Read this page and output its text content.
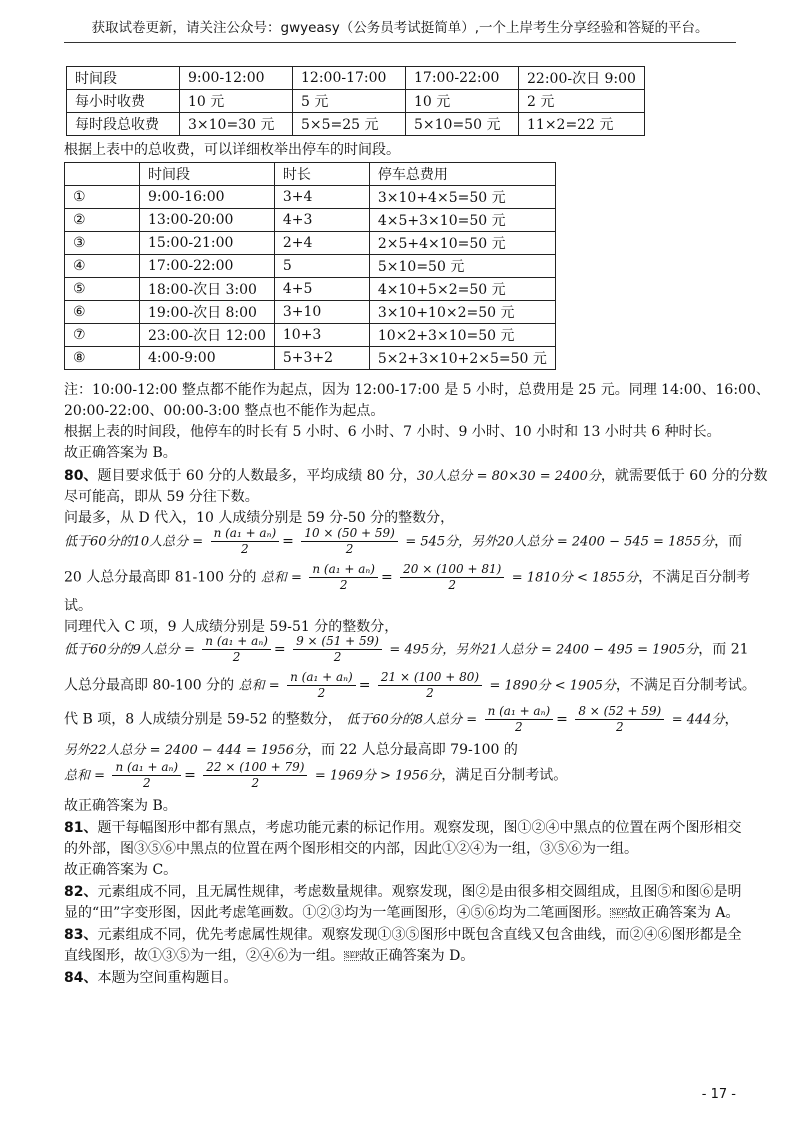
获取试卷更新，请关注公众号：gwyeasy（公务员考试挺简单）,一个上岸考生分享经验和答疑的平台。
时间段	9:00-12:00	12:00-17:00	17:00-22:00	22:00-次日 9:00
每小时收费	10 元	5 元	10 元	2 元
每时段总收费	3×10=30 元	5×5=25 元	5×10=50 元	11×2=22 元
根据上表中的总收费，可以详细枚举出停车的时间段。
	时间段	时长	停车总费用
①	9:00-16:00	3+4	3×10+4×5=50 元
②	13:00-20:00	4+3	4×5+3×10=50 元
③	15:00-21:00	2+4	2×5+4×10=50 元
④	17:00-22:00	5	5×10=50 元
⑤	18:00-次日 3:00	4+5	4×10+5×2=50 元
⑥	19:00-次日 8:00	3+10	3×10+10×2=50 元
⑦	23:00-次日 12:00	10+3	10×2+3×10=50 元
⑧	4:00-9:00	5+3+2	5×2+3×10+2×5=50 元
注：10:00-12:00 整点都不能作为起点，因为 12:00-17:00 是 5 小时，总费用是 25 元。同理 14:00、16:00、
20:00-22:00、00:00-3:00 整点也不能作为起点。
根据上表的时间段，他停车的时长有 5 小时、6 小时、7 小时、9 小时、10 小时和 13 小时共 6 种时长。
故正确答案为 B。
80、题目要求低于 60 分的人数最多，平均成绩 80 分，30人总分 = 80×30 = 2400分，就需要低于 60 分的分数
尽可能高，即从 59 分往下数。
问最多，从 D 代入，10 人成绩分别是 59 分-50 分的整数分，
低于60分的10人总分 = $\frac{\text{n (a₁ + aₙ)}}{2} = \frac{10 \times (50 + 59)}{2} = 545$分，另外20人总分 = 2400 − 545 = 1855分，而
20 人总分最高即 81-100 分的 总和 = $\frac{\text{n (a₁ + aₙ)}}{2} = \frac{20 \times (100 + 81)}{2} = 1810$分 < 1855分，不满足百分制考
试。
同理代入 C 项，9 人成绩分别是 59-51 分的整数分，
低于60分的9人总分 = $\frac{\text{n (a₁ + aₙ)}}{2} = \frac{9 \times (51 + 59)}{2} = 495$分，另外21人总分 = 2400 − 495 = 1905分，而 21
人总分最高即 80-100 分的 总和 = $\frac{\text{n (a₁ + aₙ)}}{2} = \frac{21 \times (100 + 80)}{2} = 1890$分 < 1905分，不满足百分制考试。
代 B 项，8 人成绩分别是 59-52 的整数分， 低于60分的8人总分 = $\frac{\text{n (a₁ + aₙ)}}{2} = \frac{8 \times (52 + 59)}{2} = 444$分，
另外22人总分 = 2400 − 444 = 1956分，而 22 人总分最高即 79-100 的
总和 = $\frac{\text{n (a₁ + aₙ)}}{2} = \frac{22 \times (100 + 79)}{2} = 1969$分 > 1956分，满足百分制考试。
故正确答案为 B。
81、题干每幅图形中都有黑点，考虑功能元素的标记作用。观察发现，图①②④中黑点的位置在两个图形相交
的外部，图③⑤⑥中黑点的位置在两个图形相交的内部，因此①②④为一组，③⑤⑥为一组。
故正确答案为 C。
82、元素组成不同，且无属性规律，考虑数量规律。观察发现，图②是由很多相交圆组成，且图⑤和图⑥是明
显的“田”字变形图，因此考虑笔画数。①②③均为一笔画图形，④⑤⑥均为二笔画图形。SEP故正确答案为 A。
83、元素组成不同，优先考虑属性规律。观察发现①③⑤图形中既包含直线又包含曲线，而②④⑥图形都是全
直线图形，故①③⑤为一组，②④⑥为一组。SEP故正确答案为 D。
84、本题为空间重构题目。
- 17 -
